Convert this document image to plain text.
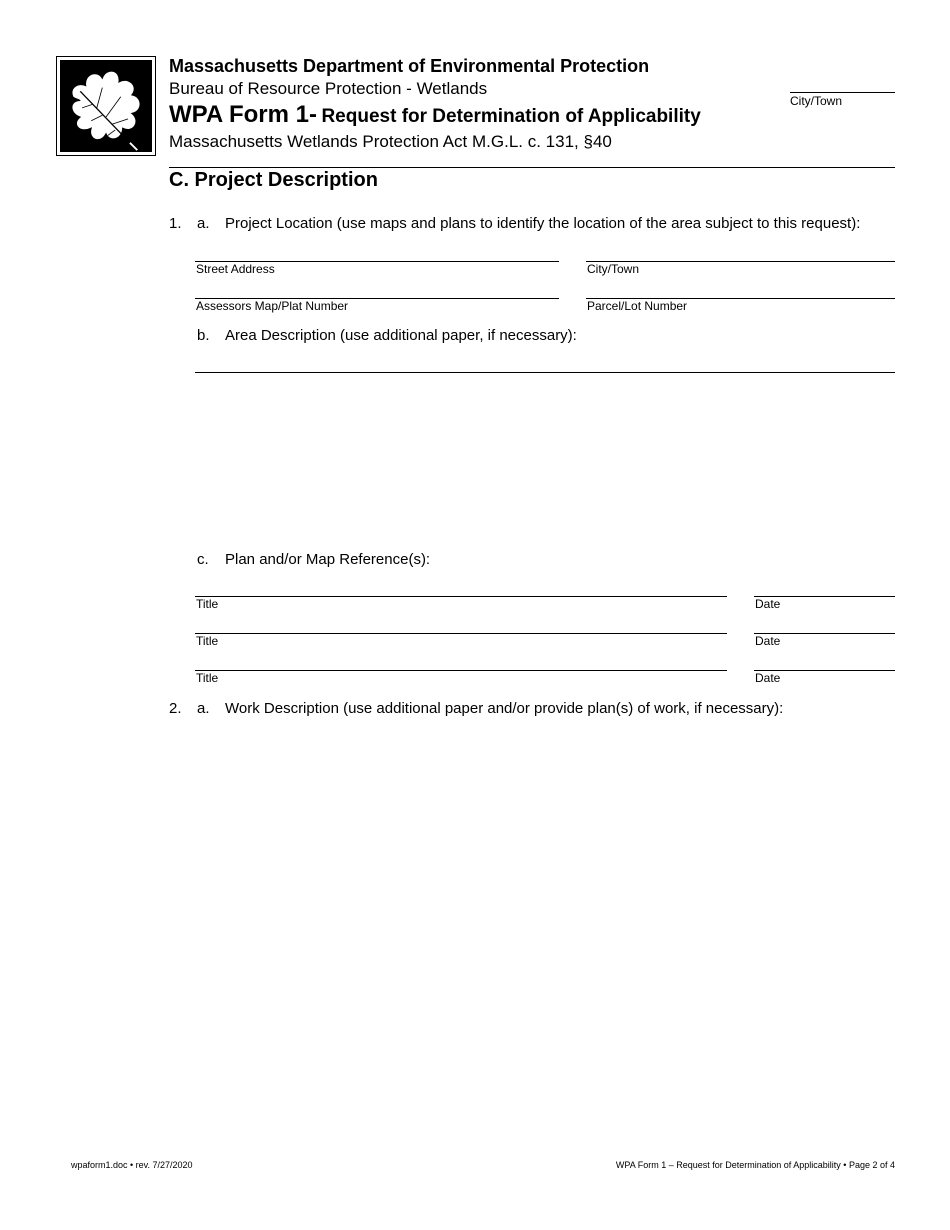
Massachusetts Department of Environmental Protection
Bureau of Resource Protection - Wetlands
WPA Form 1- Request for Determination of Applicability
Massachusetts Wetlands Protection Act M.G.L. c. 131, §40
City/Town
C. Project Description
1.	a. Project Location (use maps and plans to identify the location of the area subject to this request):
Street Address	City/Town
Assessors Map/Plat Number	Parcel/Lot Number
b. Area Description (use additional paper, if necessary):
c. Plan and/or Map Reference(s):
Title	Date
Title	Date
Title	Date
2.	a. Work Description (use additional paper and/or provide plan(s) of work, if necessary):
wpaform1.doc • rev. 7/27/2020	WPA Form 1 – Request for Determination of Applicability • Page 2 of 4
